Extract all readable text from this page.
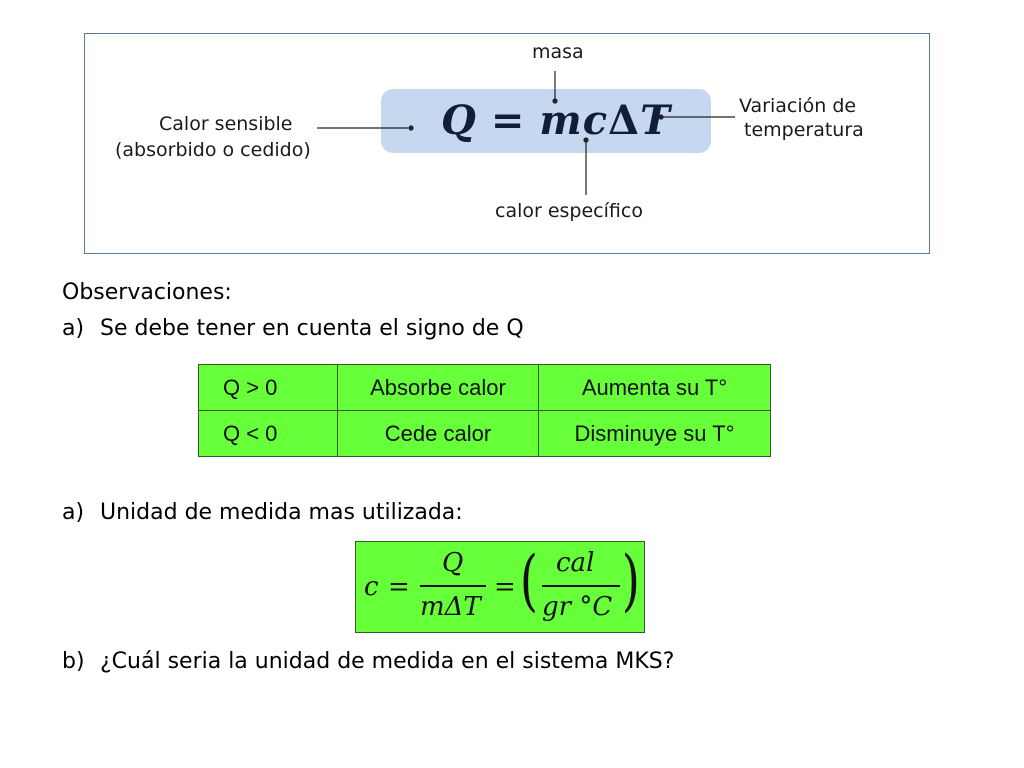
Q = mcΔT
masa
Calor sensible
(absorbido o cedido)
Variación de
temperatura
calor específico
Observaciones:
a) Se debe tener en cuenta el signo de Q
Q > 0	Absorbe calor	Aumenta su T°
Q < 0	Cede calor	Disminuye su T°
a) Unidad de medida mas utilizada:
c =
Q
mΔT
= ( cal
gr °C )
b) ¿Cuál seria la unidad de medida en el sistema MKS?
